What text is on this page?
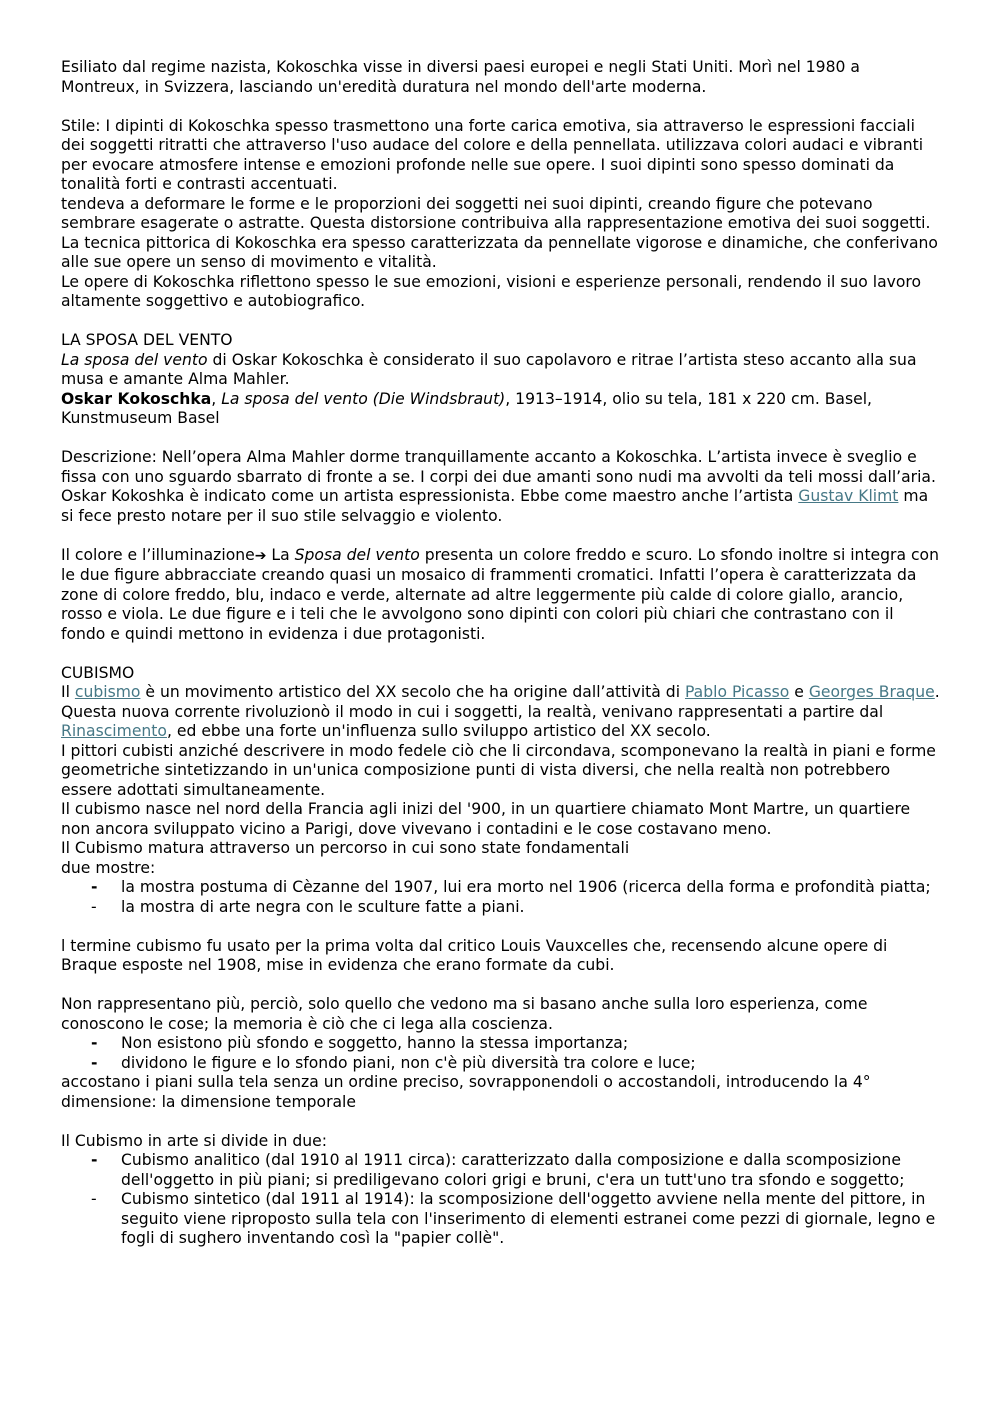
Esiliato dal regime nazista, Kokoschka visse in diversi paesi europei e negli Stati Uniti. Morì nel 1980 a Montreux, in Svizzera, lasciando un'eredità duratura nel mondo dell'arte moderna.

Stile: I dipinti di Kokoschka spesso trasmettono una forte carica emotiva, sia attraverso le espressioni facciali dei soggetti ritratti che attraverso l'uso audace del colore e della pennellata. utilizzava colori audaci e vibranti per evocare atmosfere intense e emozioni profonde nelle sue opere. I suoi dipinti sono spesso dominati da tonalità forti e contrasti accentuati.

tendeva a deformare le forme e le proporzioni dei soggetti nei suoi dipinti, creando figure che potevano sembrare esagerate o astratte. Questa distorsione contribuiva alla rappresentazione emotiva dei suoi soggetti.

La tecnica pittorica di Kokoschka era spesso caratterizzata da pennellate vigorose e dinamiche, che conferivano alle sue opere un senso di movimento e vitalità.

Le opere di Kokoschka riflettono spesso le sue emozioni, visioni e esperienze personali, rendendo il suo lavoro altamente soggettivo e autobiografico.

LA SPOSA DEL VENTO

La sposa del vento di Oskar Kokoschka è considerato il suo capolavoro e ritrae l’artista steso accanto alla sua musa e amante Alma Mahler.

Oskar Kokoschka, La sposa del vento (Die Windsbraut), 1913–1914, olio su tela, 181 x 220 cm. Basel, Kunstmuseum Basel

Descrizione: Nell’opera Alma Mahler dorme tranquillamente accanto a Kokoschka. L’artista invece è sveglio e fissa con uno sguardo sbarrato di fronte a se. I corpi dei due amanti sono nudi ma avvolti da teli mossi dall’aria.

Oskar Kokoshka è indicato come un artista espressionista. Ebbe come maestro anche l’artista Gustav Klimt ma si fece presto notare per il suo stile selvaggio e violento.

Il colore e l’illuminazione➔ La Sposa del vento presenta un colore freddo e scuro. Lo sfondo inoltre si integra con le due figure abbracciate creando quasi un mosaico di frammenti cromatici. Infatti l’opera è caratterizzata da zone di colore freddo, blu, indaco e verde, alternate ad altre leggermente più calde di colore giallo, arancio, rosso e viola. Le due figure e i teli che le avvolgono sono dipinti con colori più chiari che contrastano con il fondo e quindi mettono in evidenza i due protagonisti.

CUBISMO

Il cubismo è un movimento artistico del XX secolo che ha origine dall’attività di Pablo Picasso e Georges Braque. Questa nuova corrente rivoluzionò il modo in cui i soggetti, la realtà, venivano rappresentati a partire dal Rinascimento, ed ebbe una forte un'influenza sullo sviluppo artistico del XX secolo.

I pittori cubisti anziché descrivere in modo fedele ciò che li circondava, scomponevano la realtà in piani e forme geometriche sintetizzando in un'unica composizione punti di vista diversi, che nella realtà non potrebbero essere adottati simultaneamente.

Il cubismo nasce nel nord della Francia agli inizi del '900, in un quartiere chiamato Mont Martre, un quartiere non ancora sviluppato vicino a Parigi, dove vivevano i contadini e le cose costavano meno.

Il Cubismo matura attraverso un percorso in cui sono state fondamentali

due mostre:

- la mostra postuma di Cèzanne del 1907, lui era morto nel 1906 (ricerca della forma e profondità piatta;
- la mostra di arte negra con le sculture fatte a piani.

l termine cubismo fu usato per la prima volta dal critico Louis Vauxcelles che, recensendo alcune opere di Braque esposte nel 1908, mise in evidenza che erano formate da cubi.

Non rappresentano più, perciò, solo quello che vedono ma si basano anche sulla loro esperienza, come conoscono le cose; la memoria è ciò che ci lega alla coscienza.

- Non esistono più sfondo e soggetto, hanno la stessa importanza;
- dividono le figure e lo sfondo piani, non c'è più diversità tra colore e luce;

accostano i piani sulla tela senza un ordine preciso, sovrapponendoli o accostandoli, introducendo la 4° dimensione: la dimensione temporale

Il Cubismo in arte si divide in due:

- Cubismo analitico (dal 1910 al 1911 circa): caratterizzato dalla composizione e dalla scomposizione dell'oggetto in più piani; si prediligevano colori grigi e bruni, c'era un tutt'uno tra sfondo e soggetto;
- Cubismo sintetico (dal 1911 al 1914): la scomposizione dell'oggetto avviene nella mente del pittore, in seguito viene riproposto sulla tela con l'inserimento di elementi estranei come pezzi di giornale, legno e fogli di sughero inventando così la "papier collè".
